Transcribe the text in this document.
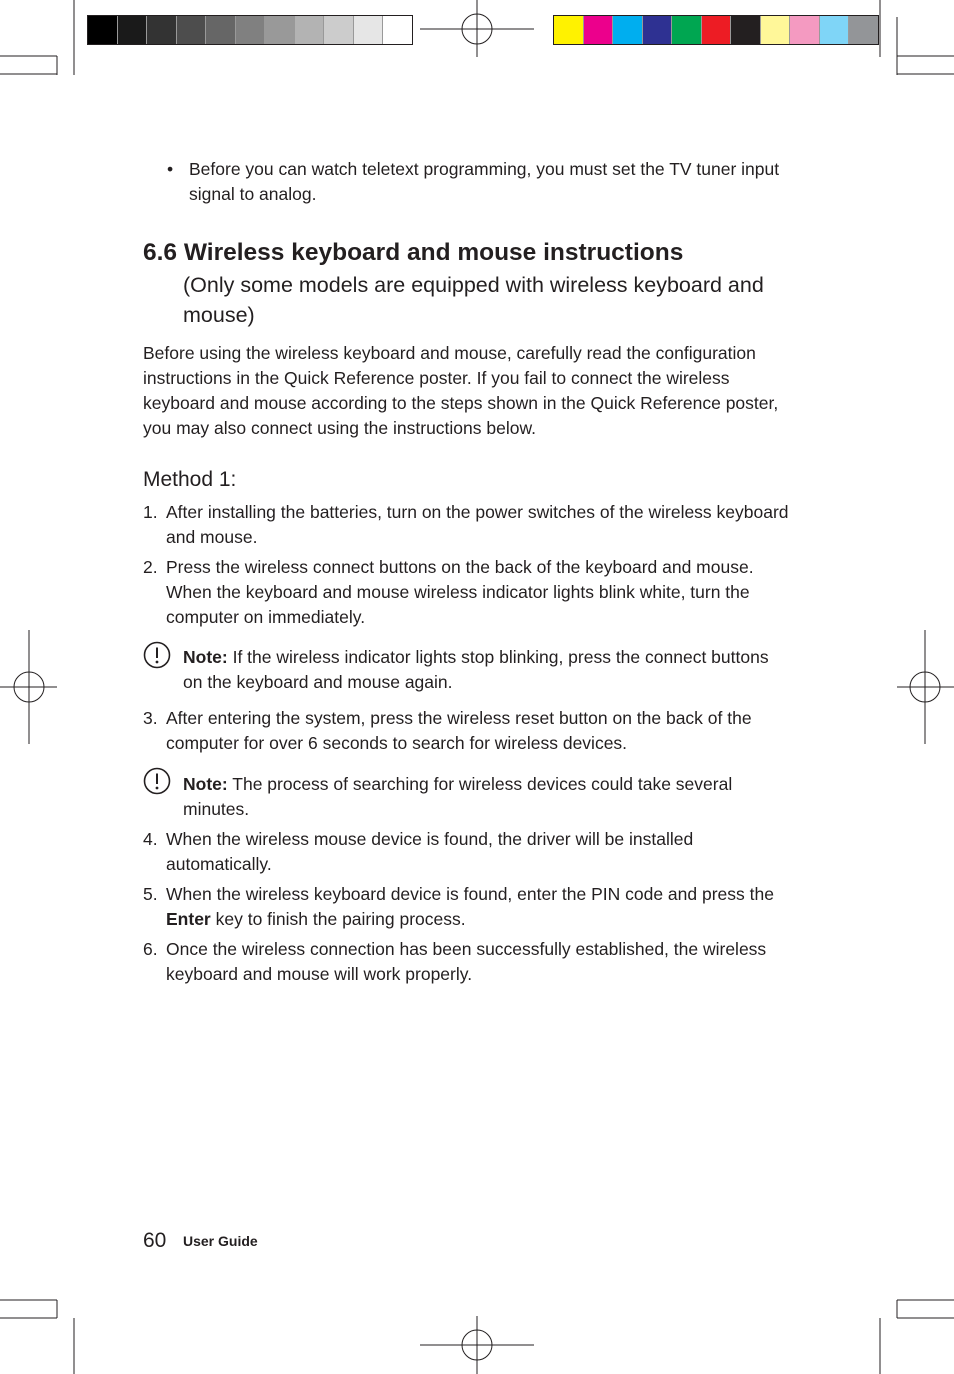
• Before you can watch teletext programming, you must set the TV tuner input signal to analog.
6.6 Wireless keyboard and mouse instructions
(Only some models are equipped with wireless keyboard and mouse)
Before using the wireless keyboard and mouse, carefully read the configuration instructions in the Quick Reference poster. If you fail to connect the wireless keyboard and mouse according to the steps shown in the Quick Reference poster, you may also connect using the instructions below.
Method 1:
1. After installing the batteries, turn on the power switches of the wireless keyboard and mouse.
2. Press the wireless connect buttons on the back of the keyboard and mouse. When the keyboard and mouse wireless indicator lights blink white, turn the computer on immediately.
Note: If the wireless indicator lights stop blinking, press the connect buttons on the keyboard and mouse again.
3. After entering the system, press the wireless reset button on the back of the computer for over 6 seconds to search for wireless devices.
Note: The process of searching for wireless devices could take several minutes.
4. When the wireless mouse device is found, the driver will be installed automatically.
5. When the wireless keyboard device is found, enter the PIN code and press the Enter key to finish the pairing process.
6. Once the wireless connection has been successfully established, the wireless keyboard and mouse will work properly.
60 User Guide
